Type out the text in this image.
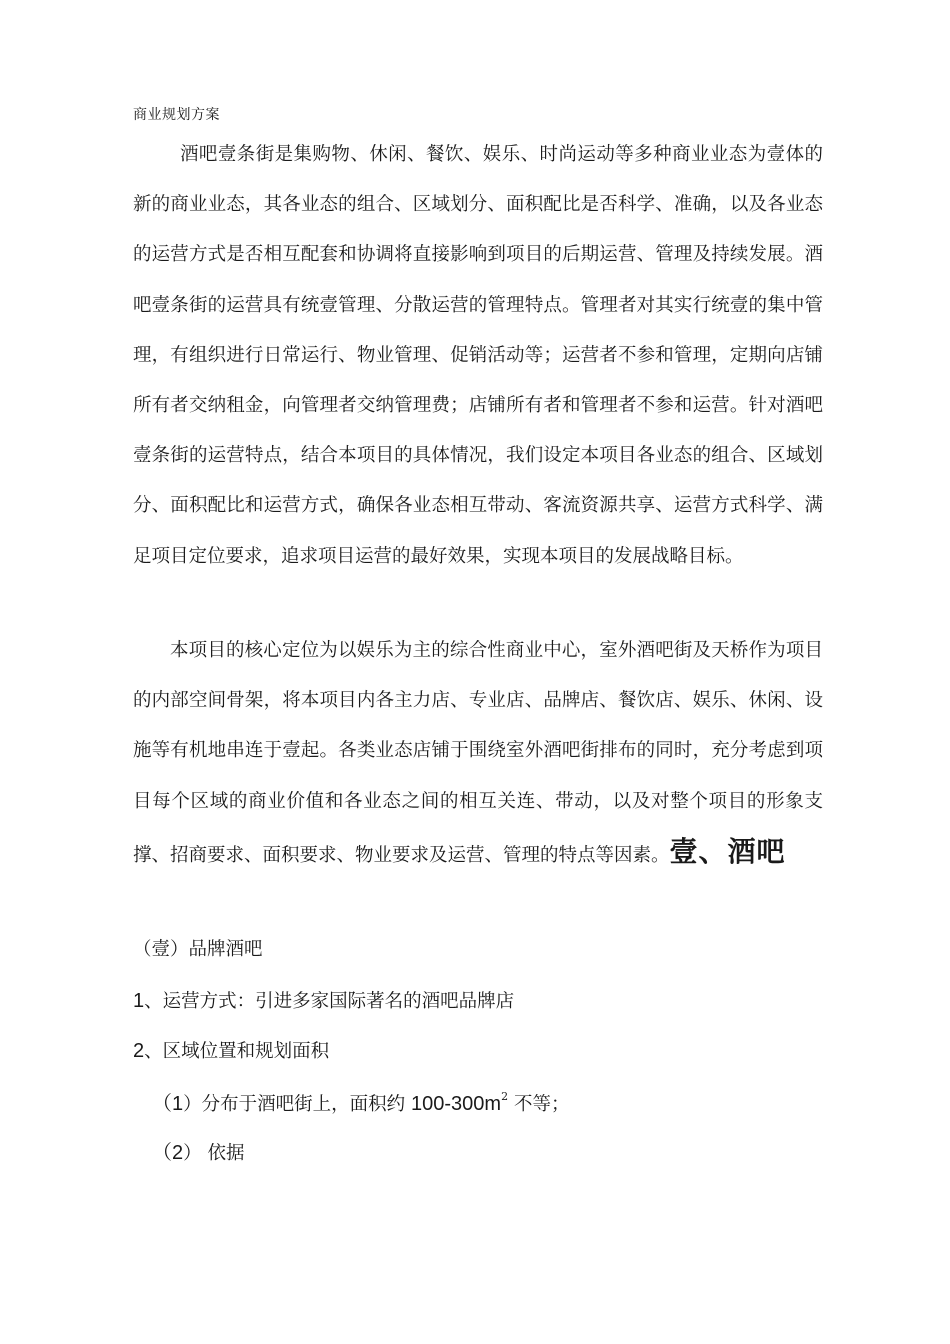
商业规划方案
酒吧壹条街是集购物、休闲、餐饮、娱乐、时尚运动等多种商业业态为壹体的新的商业业态，其各业态的组合、区域划分、面积配比是否科学、准确，以及各业态的运营方式是否相互配套和协调将直接影响到项目的后期运营、管理及持续发展。酒吧壹条街的运营具有统壹管理、分散运营的管理特点。管理者对其实行统壹的集中管理，有组织进行日常运行、物业管理、促销活动等；运营者不参和管理，定期向店铺所有者交纳租金，向管理者交纳管理费；店铺所有者和管理者不参和运营。针对酒吧壹条街的运营特点，结合本项目的具体情况，我们设定本项目各业态的组合、区域划分、面积配比和运营方式，确保各业态相互带动、客流资源共享、运营方式科学、满足项目定位要求，追求项目运营的最好效果，实现本项目的发展战略目标。
本项目的核心定位为以娱乐为主的综合性商业中心，室外酒吧街及天桥作为项目的内部空间骨架，将本项目内各主力店、专业店、品牌店、餐饮店、娱乐、休闲、设施等有机地串连于壹起。各类业态店铺于围绕室外酒吧街排布的同时，充分考虑到项目每个区域的商业价值和各业态之间的相互关连、带动，以及对整个项目的形象支撑、招商要求、面积要求、物业要求及运营、管理的特点等因素。壹、酒吧
（壹）品牌酒吧
1、运营方式：引进多家国际著名的酒吧品牌店
2、区域位置和规划面积
（1）分布于酒吧街上，面积约 $100-300m^2$ 不等；
（2） 依据
